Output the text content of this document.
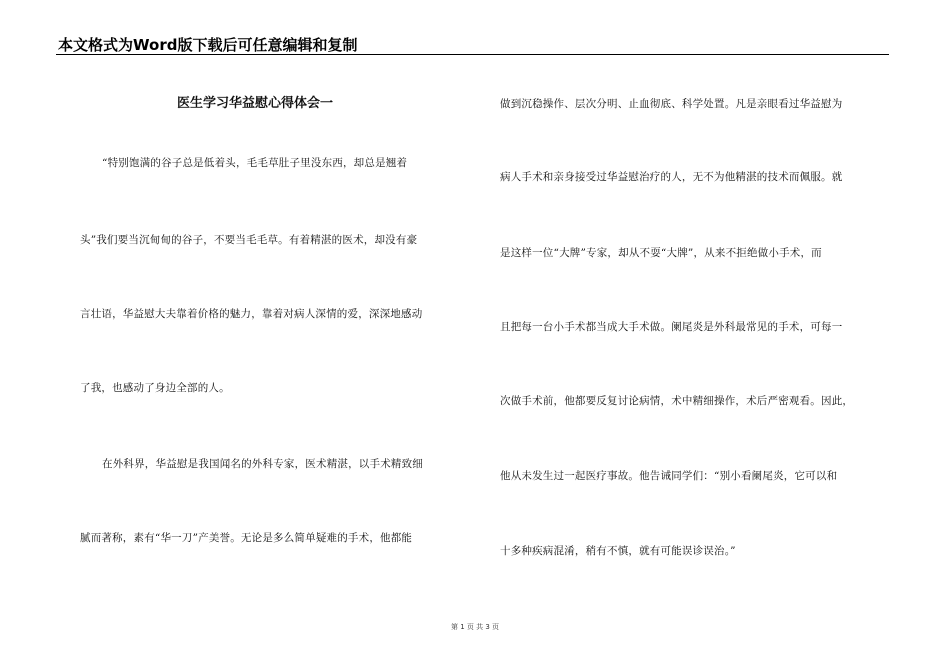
本文格式为Word版下载后可任意编辑和复制
医生学习华益慰心得体会一
“特别饱满的谷子总是低着头，毛毛草肚子里没东西，却总是翘着
头”我们要当沉甸甸的谷子，不要当毛毛草。有着精湛的医术，却没有豪
言壮语，华益慰大夫靠着价格的魅力，靠着对病人深情的爱，深深地感动
了我，也感动了身边全部的人。
在外科界，华益慰是我国闻名的外科专家，医术精湛，以手术精致细
腻而著称，素有“华一刀”产美誉。无论是多么简单疑难的手术，他都能
做到沉稳操作、层次分明、止血彻底、科学处置。凡是亲眼看过华益慰为
病人手术和亲身接受过华益慰治疗的人，无不为他精湛的技术而佩服。就
是这样一位“大牌”专家，却从不耍“大牌”，从来不拒绝做小手术，而
且把每一台小手术都当成大手术做。阑尾炎是外科最常见的手术，可每一
次做手术前，他都要反复讨论病情，术中精细操作，术后严密观看。因此，
他从未发生过一起医疗事故。他告诫同学们：“别小看阑尾炎，它可以和
十多种疾病混淆，稍有不慎，就有可能误诊误治。”
第 1 页 共 3 页
